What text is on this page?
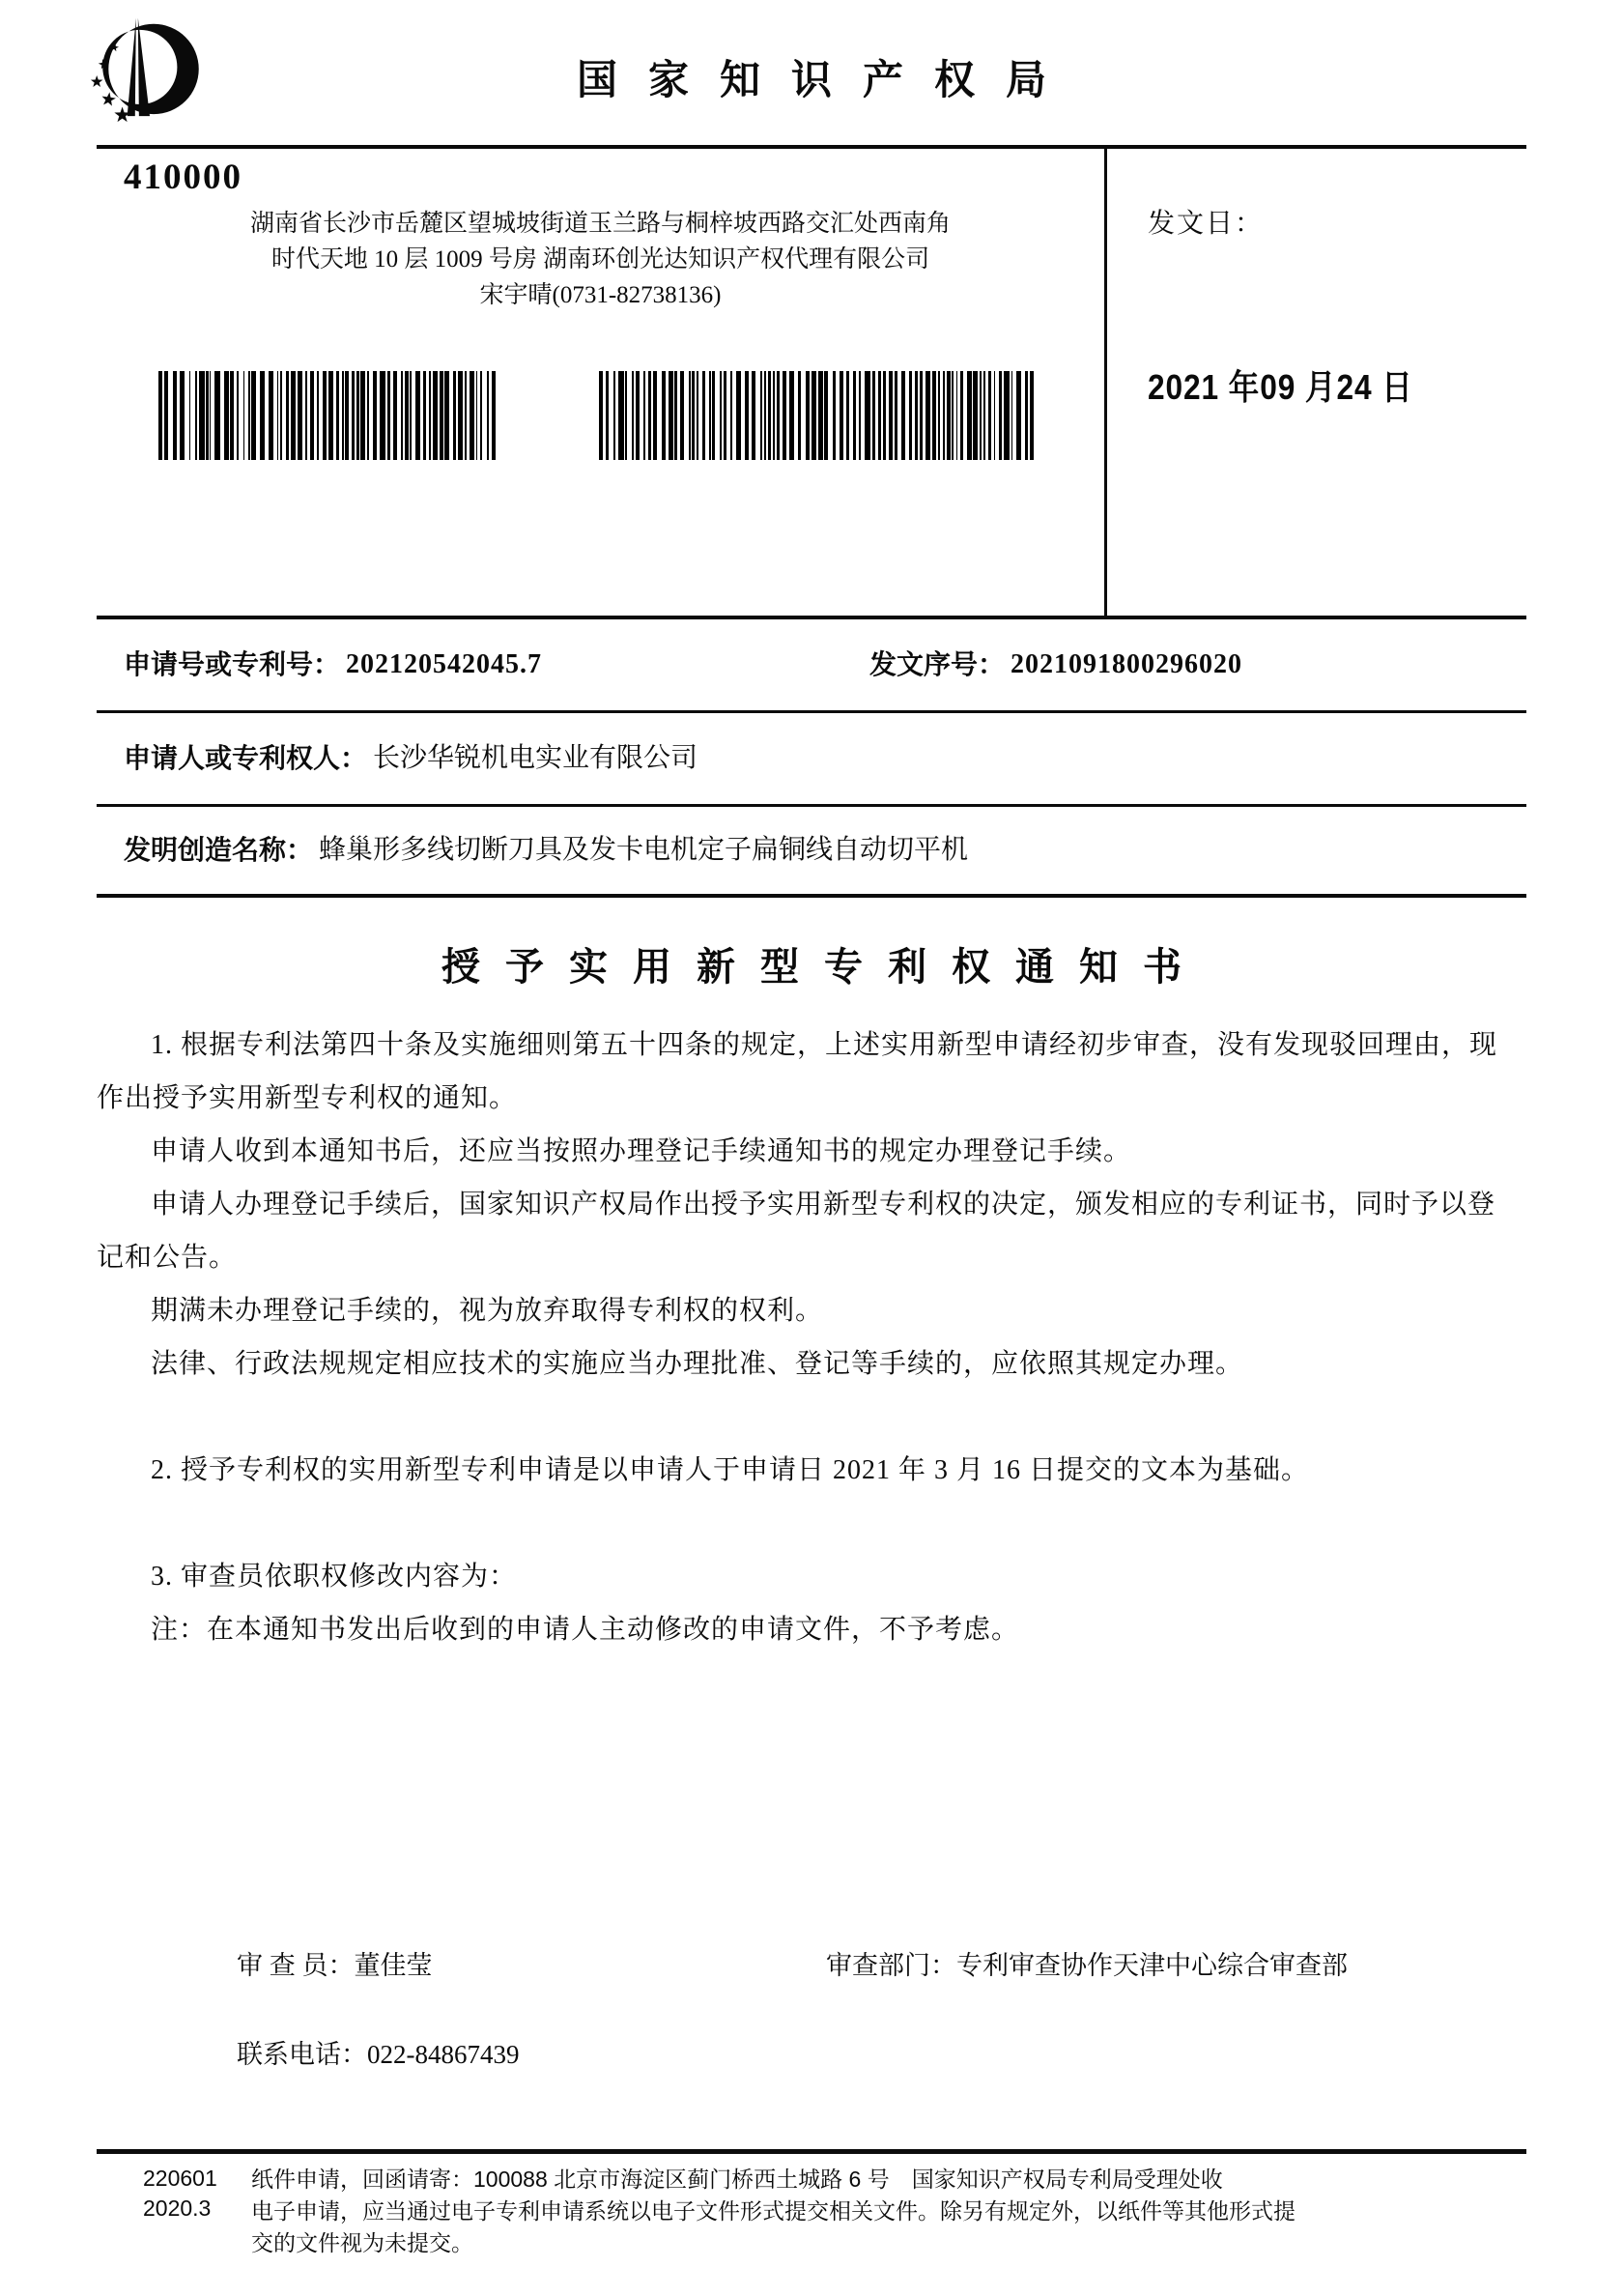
国家知识产权局
410000
湖南省长沙市岳麓区望城坡街道玉兰路与桐梓坡西路交汇处西南角
时代天地 10 层 1009 号房 湖南环创光达知识产权代理有限公司
宋宇晴(0731-82738136)
发文日：
2021 年09 月24 日
申请号或专利号： 202120542045.7	发文序号： 2021091800296020
申请人或专利权人： 长沙华锐机电实业有限公司
发明创造名称： 蜂巢形多线切断刀具及发卡电机定子扁铜线自动切平机
授予实用新型专利权通知书

1. 根据专利法第四十条及实施细则第五十四条的规定，上述实用新型申请经初步审查，没有发现驳回理由，现作出授予实用新型专利权的通知。

申请人收到本通知书后，还应当按照办理登记手续通知书的规定办理登记手续。

申请人办理登记手续后，国家知识产权局作出授予实用新型专利权的决定，颁发相应的专利证书，同时予以登记和公告。

期满未办理登记手续的，视为放弃取得专利权的权利。

法律、行政法规规定相应技术的实施应当办理批准、登记等手续的，应依照其规定办理。

2. 授予专利权的实用新型专利申请是以申请人于申请日 2021 年 3 月 16 日提交的文本为基础。

3. 审查员依职权修改内容为：

注：在本通知书发出后收到的申请人主动修改的申请文件，不予考虑。

审 查 员：董佳莹	审查部门：专利审查协作天津中心综合审查部
联系电话：022-84867439
220601
2020.3
纸件申请，回函请寄：100088 北京市海淀区蓟门桥西土城路 6 号　国家知识产权局专利局受理处收
电子申请，应当通过电子专利申请系统以电子文件形式提交相关文件。除另有规定外，以纸件等其他形式提交的文件视为未提交。
